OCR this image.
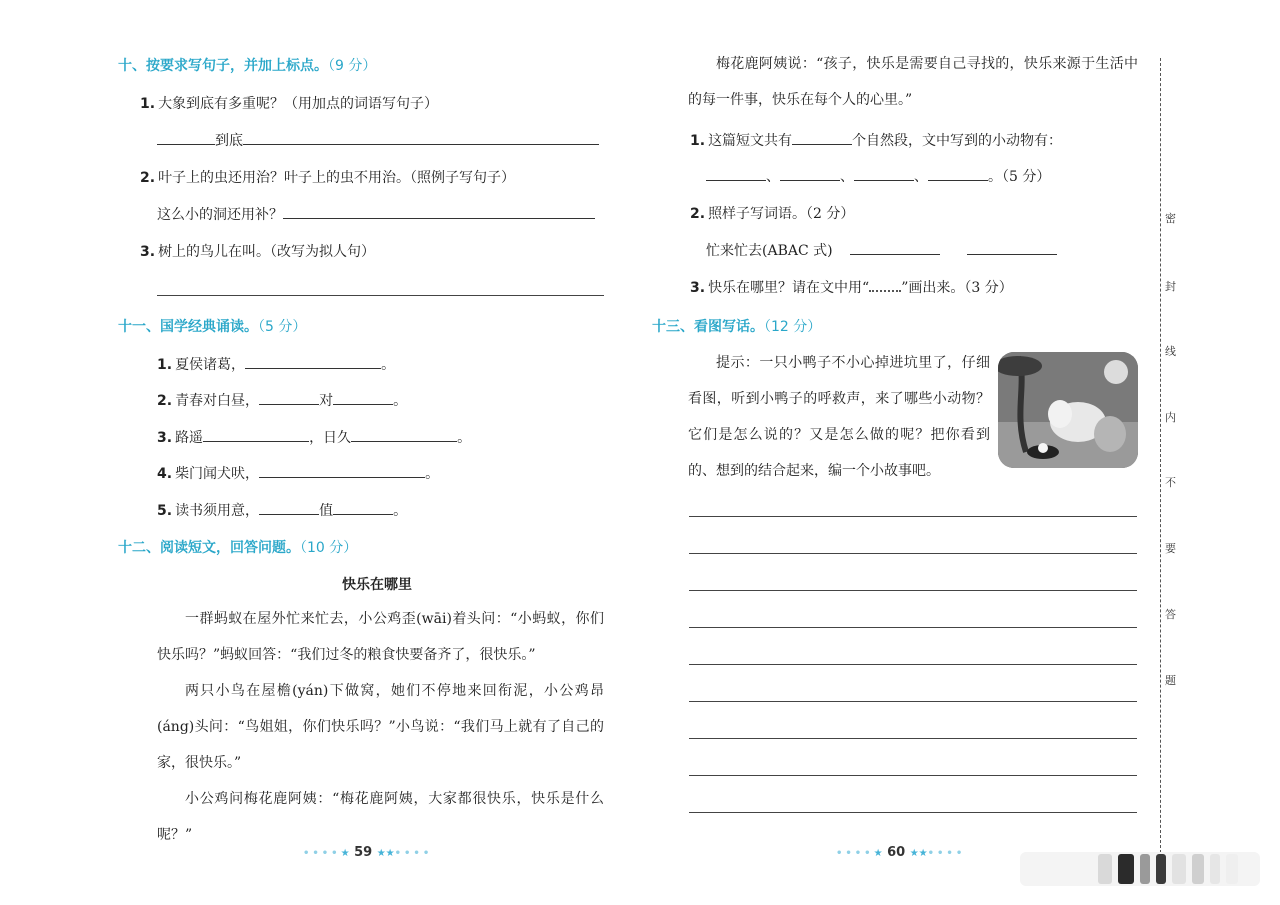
十、按要求写句子，并加上标点。（9 分）
1. 大象到底有多重呢？（用加点的词语写句子）
到底
2. 叶子上的虫还用治？叶子上的虫不用治。（照例子写句子）
这么小的洞还用补？
3. 树上的鸟儿在叫。（改写为拟人句）
十一、国学经典诵读。（5 分）
1. 夏侯诸葛，	。
2. 青春对白昼，	对	。
3. 路遥	，日久	。
4. 柴门闻犬吠，	。
5. 读书须用意，	值	。
十二、阅读短文，回答问题。（10 分）
快乐在哪里

一群蚂蚁在屋外忙来忙去，小公鸡歪(wāi)着头问：“小蚂蚁，你们快乐吗？”蚂蚁回答：“我们过冬的粮食快要备齐了，很快乐。”

两只小鸟在屋檐(yán)下做窝，她们不停地来回衔泥，小公鸡昂(áng)头问：“鸟姐姐，你们快乐吗？”小鸟说：“我们马上就有了自己的家，很快乐。”

小公鸡问梅花鹿阿姨：“梅花鹿阿姨，大家都很快乐，快乐是什么呢？”

••••★ 59 ★★••••

梅花鹿阿姨说：“孩子，快乐是需要自己寻找的，快乐来源于生活中的每一件事，快乐在每个人的心里。”

1. 这篇短文共有	个自然段，文中写到的小动物有：
、	、	、	。（5 分）
2. 照样子写词语。（2 分）
忙来忙去(ABAC 式)
3. 快乐在哪里？请在文中用“ ”画出来。（3 分）
十三、看图写话。（12 分）

提示：一只小鸭子不小心掉进坑里了，仔细看图，听到小鸭子的呼救声，来了哪些小动物？它们是怎么说的？又是怎么做的呢？把你看到的、想到的结合起来，编一个小故事吧。

••••★ 60 ★★••••
密
封
线
内
不
要
答
题
